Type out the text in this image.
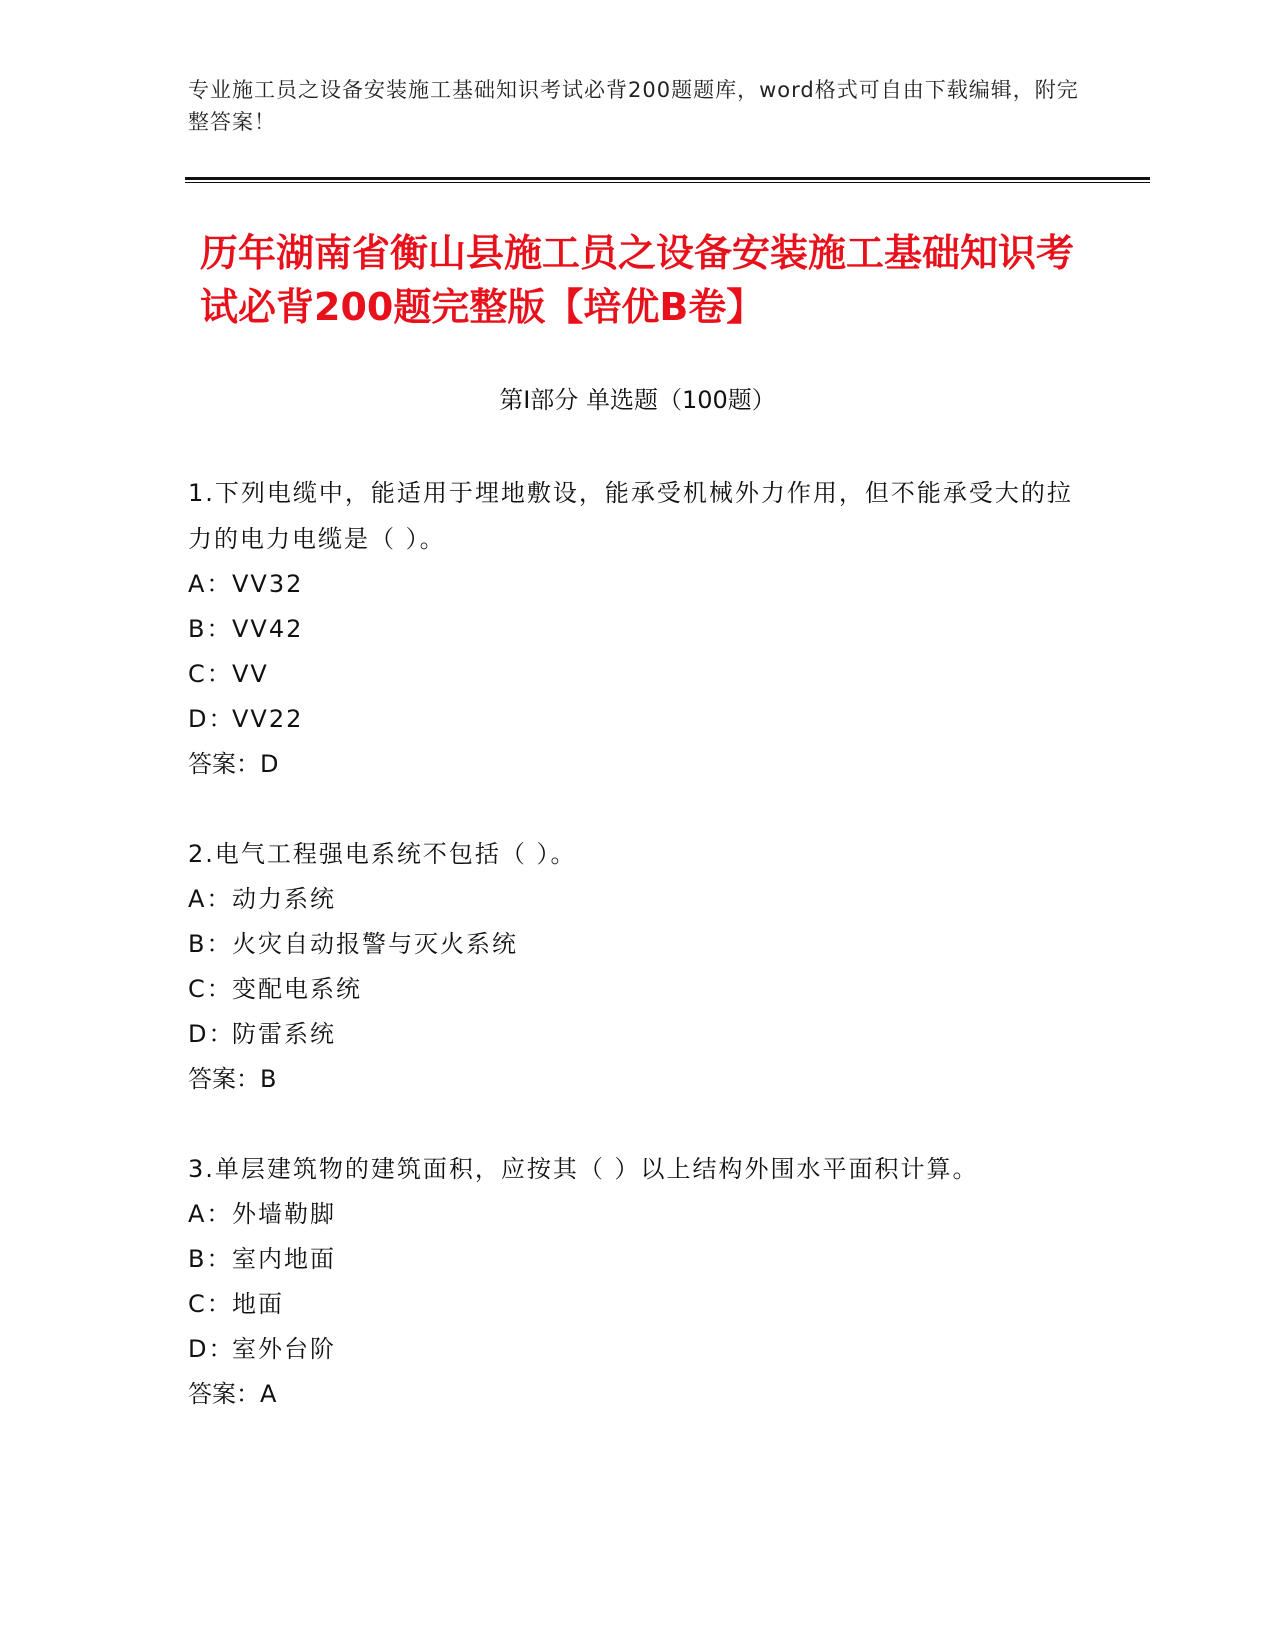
专业施工员之设备安装施工基础知识考试必背200题题库，word格式可自由下载编辑，附完整答案！
历年湖南省衡山县施工员之设备安装施工基础知识考试必背200题完整版【培优B卷】
第Ⅰ部分 单选题（100题）
1.下列电缆中，能适用于埋地敷设，能承受机械外力作用，但不能承受大的拉力的电力电缆是（ ）。
A：VV32
B：VV42
C：VV
D：VV22
答案：D
2.电气工程强电系统不包括（ ）。
A：动力系统
B：火灾自动报警与灭火系统
C：变配电系统
D：防雷系统
答案：B
3.单层建筑物的建筑面积，应按其（ ）以上结构外围水平面积计算。
A：外墙勒脚
B：室内地面
C：地面
D：室外台阶
答案：A
